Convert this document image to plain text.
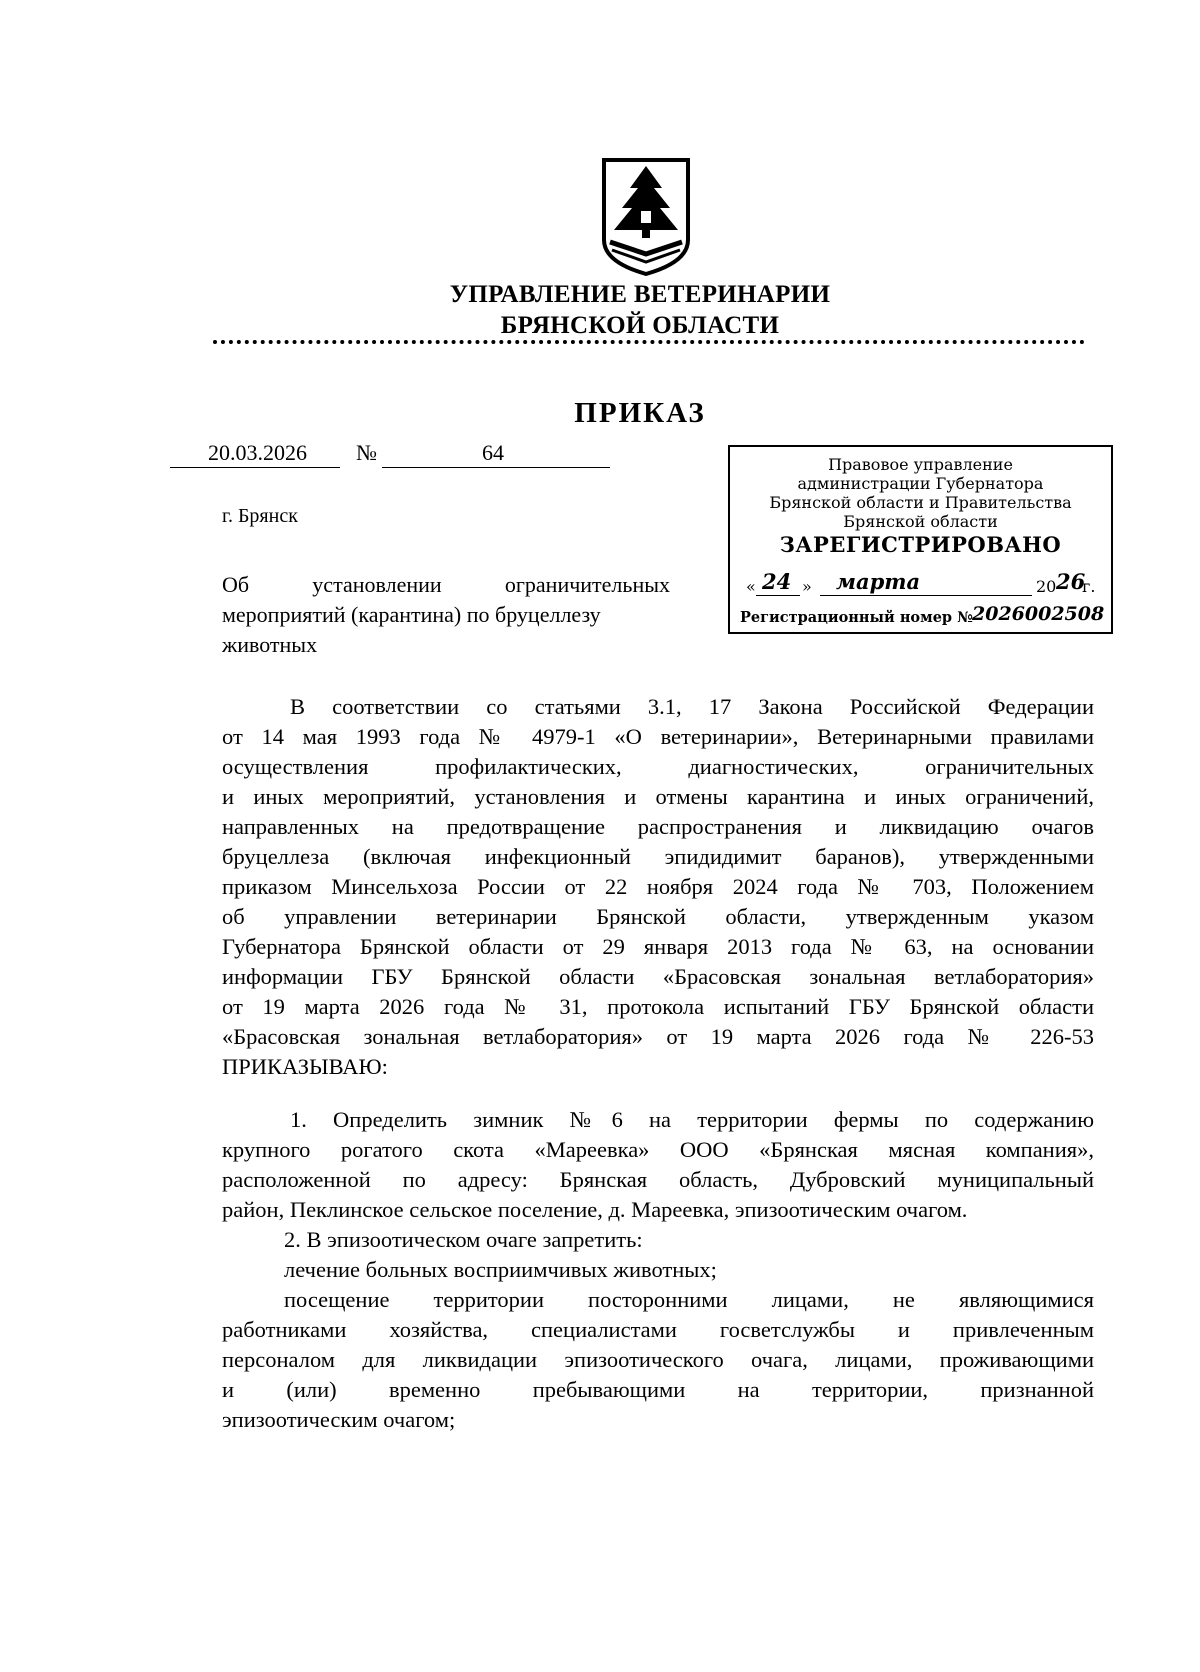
УПРАВЛЕНИЕ ВЕТЕРИНАРИИ
БРЯНСКОЙ ОБЛАСТИ
ПРИКАЗ
20.03.2026 №	64
г. Брянск
Об установлении ограничительных
мероприятий (карантина) по бруцеллезу
животных
Правовое управление
администрации Губернатора
Брянской области и Правительства
Брянской области
ЗАРЕГИСТРИРОВАНО
« 24 » марта	20 26
г.
Регистрационный номер № 2026002508

В соответствии со статьями 3.1, 17 Закона Российской Федерации

от 14 мая 1993 года № 4979-1 «О ветеринарии», Ветеринарными правилами

осуществления профилактических, диагностических, ограничительных

и иных мероприятий, установления и отмены карантина и иных ограничений,

направленных на предотвращение распространения и ликвидацию очагов

бруцеллеза (включая инфекционный эпидидимит баранов), утвержденными

приказом Минсельхоза России от 22 ноября 2024 года № 703, Положением

об управлении ветеринарии Брянской области, утвержденным указом

Губернатора Брянской области от 29 января 2013 года № 63, на основании

информации ГБУ Брянской области «Брасовская зональная ветлаборатория»

от 19 марта 2026 года № 31, протокола испытаний ГБУ Брянской области

«Брасовская зональная ветлаборатория» от 19 марта 2026 года № 226-53

ПРИКАЗЫВАЮ:

1. Определить зимник №6 на территории фермы по содержанию

крупного рогатого скота «Мареевка» ООО «Брянская мясная компания»,

расположенной по адресу: Брянская область, Дубровский муниципальный

район, Пеклинское сельское поселение, д. Мареевка, эпизоотическим очагом.

2. В эпизоотическом очаге запретить:

лечение больных восприимчивых животных;

посещение территории посторонними лицами, не являющимися

работниками хозяйства, специалистами госветслужбы и привлеченным

персоналом для ликвидации эпизоотического очага, лицами, проживающими

и (или) временно пребывающими на территории, признанной

эпизоотическим очагом;
